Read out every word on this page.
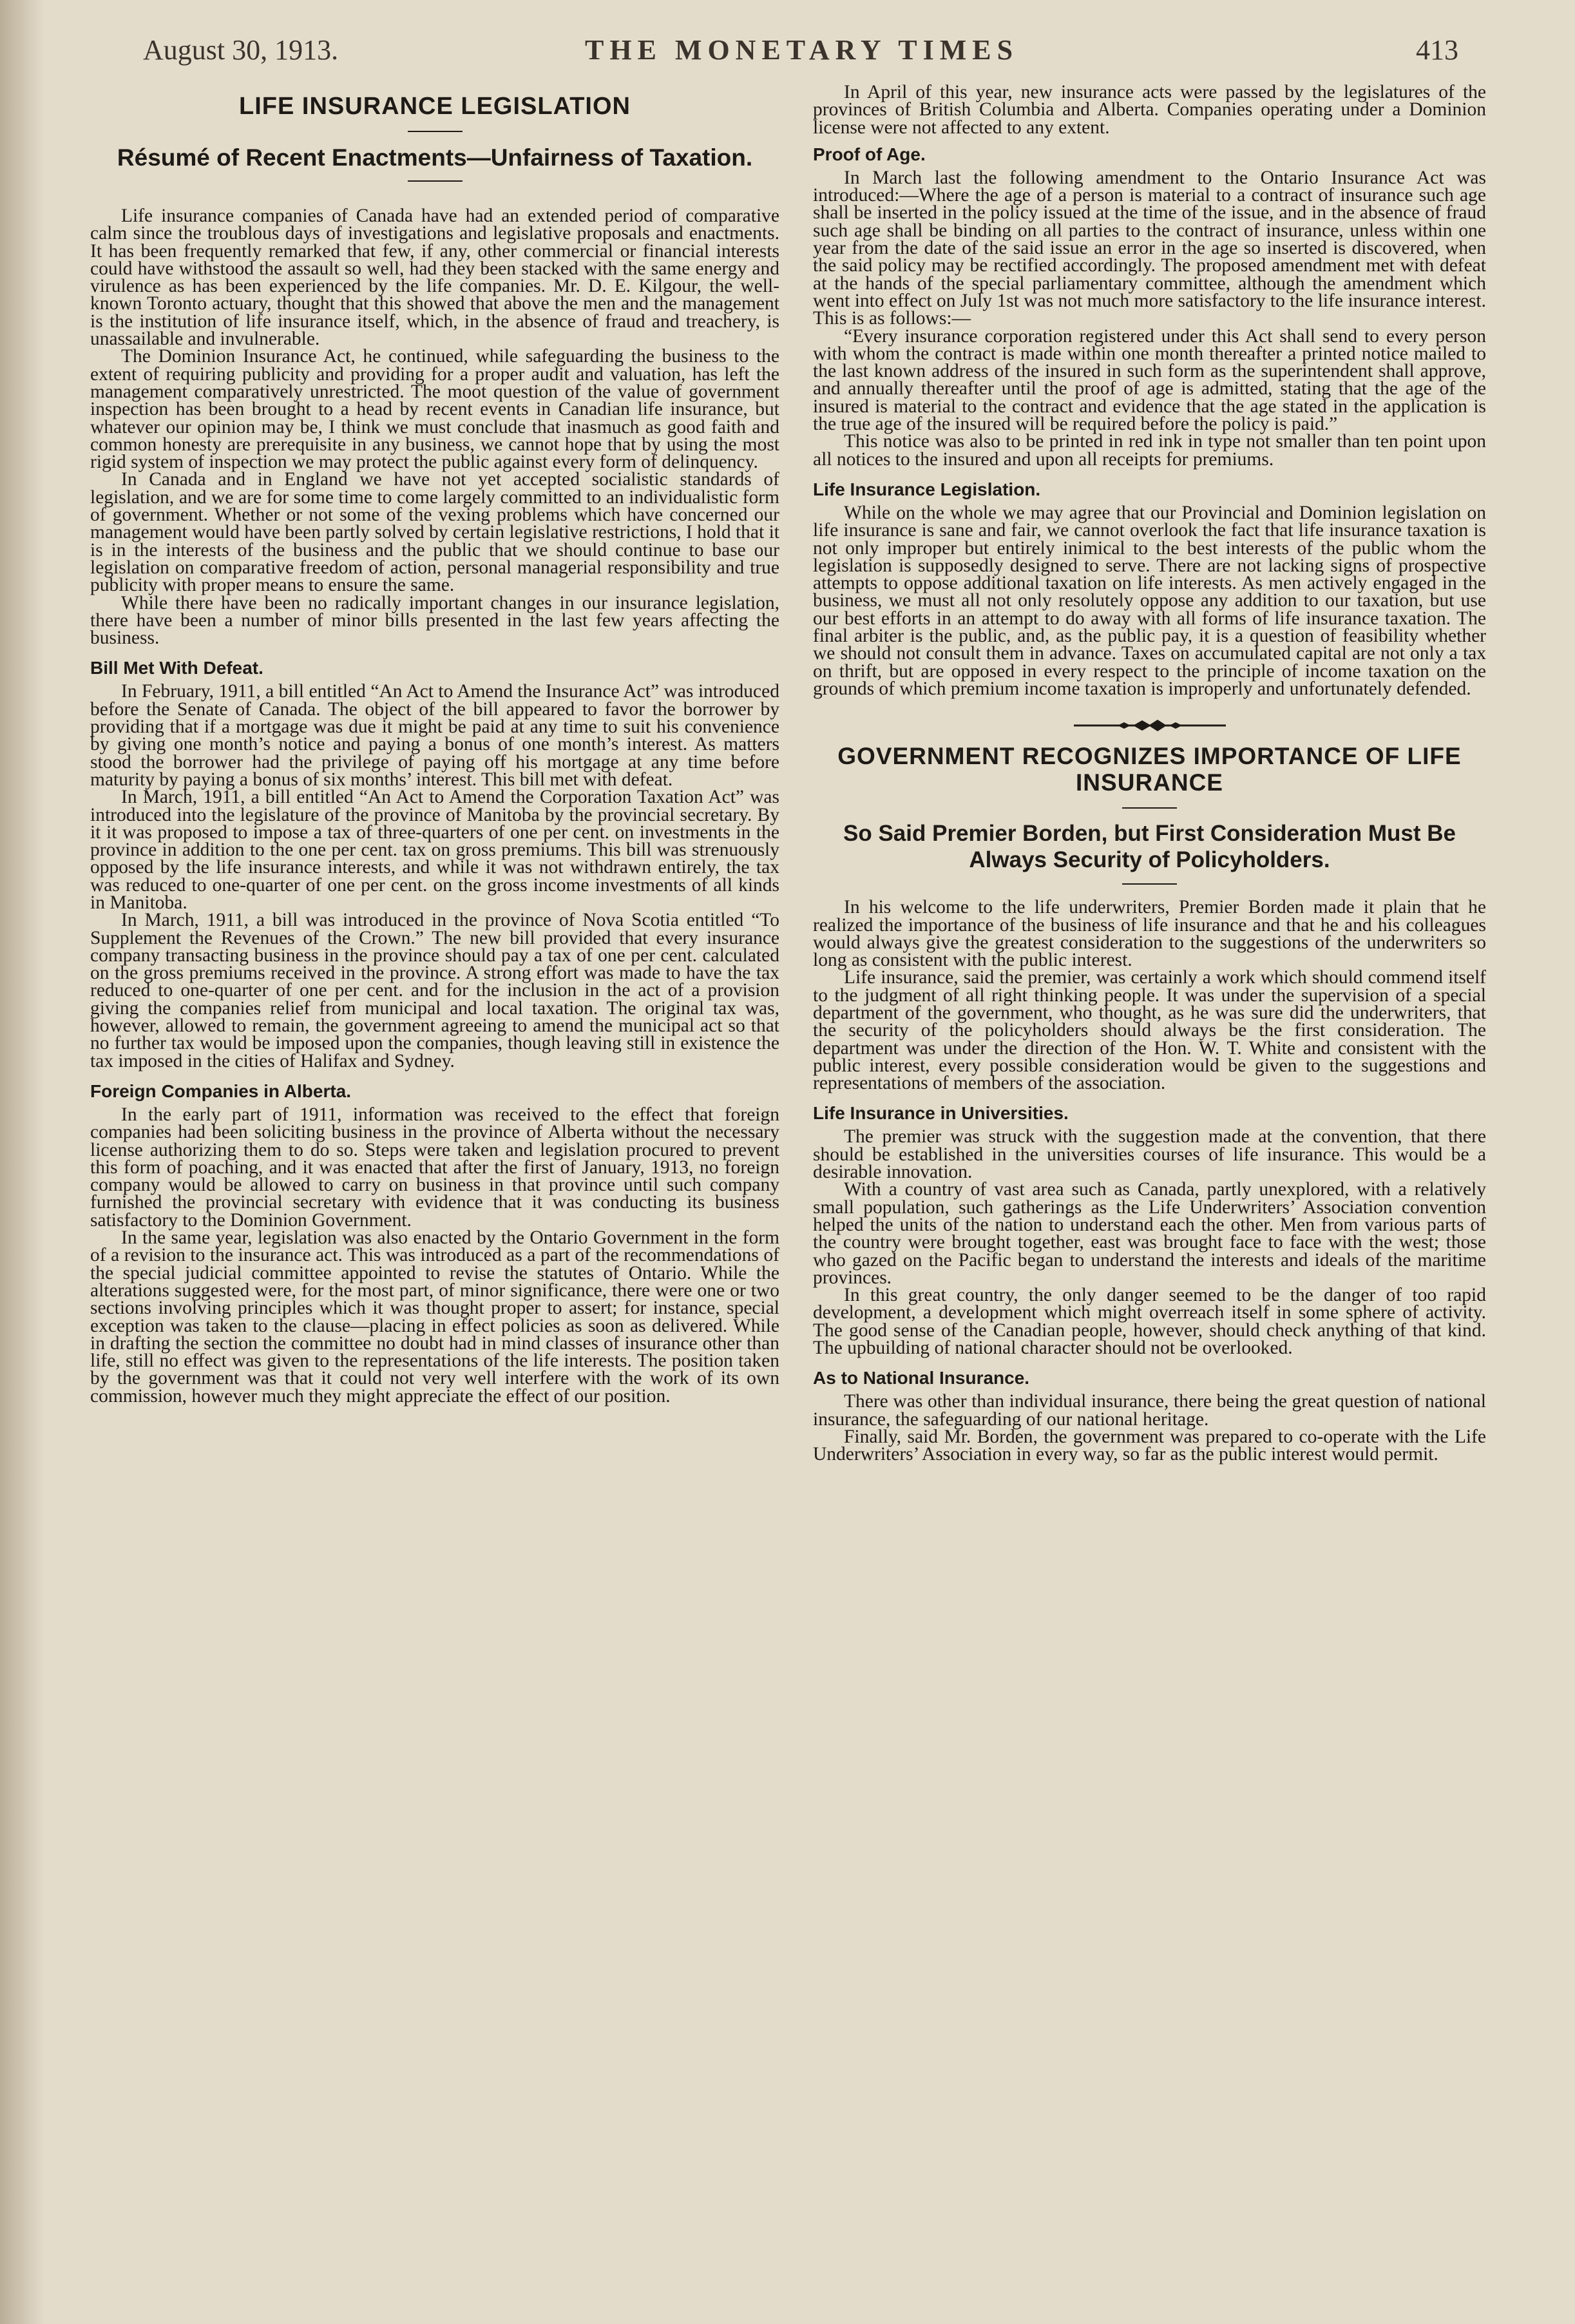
August 30, 1913.	THE MONETARY TIMES	413
LIFE INSURANCE LEGISLATION
Résumé of Recent Enactments—Unfairness of Taxation.

Life insurance companies of Canada have had an extended period of comparative calm since the troublous days of investigations and legislative proposals and enactments. It has been frequently remarked that few, if any, other commercial or financial interests could have withstood the assault so well, had they been stacked with the same energy and virulence as has been experienced by the life companies. Mr. D. E. Kilgour, the well-known Toronto actuary, thought that this showed that above the men and the management is the institution of life insurance itself, which, in the absence of fraud and treachery, is unassailable and invulnerable.

The Dominion Insurance Act, he continued, while safeguarding the business to the extent of requiring publicity and providing for a proper audit and valuation, has left the management comparatively unrestricted. The moot question of the value of government inspection has been brought to a head by recent events in Canadian life insurance, but whatever our opinion may be, I think we must conclude that inasmuch as good faith and common honesty are prerequisite in any business, we cannot hope that by using the most rigid system of inspection we may protect the public against every form of delinquency.

In Canada and in England we have not yet accepted socialistic standards of legislation, and we are for some time to come largely committed to an individualistic form of government. Whether or not some of the vexing problems which have concerned our management would have been partly solved by certain legislative restrictions, I hold that it is in the interests of the business and the public that we should continue to base our legislation on comparative freedom of action, personal managerial responsibility and true publicity with proper means to ensure the same.

While there have been no radically important changes in our insurance legislation, there have been a number of minor bills presented in the last few years affecting the business.

Bill Met With Defeat.

In February, 1911, a bill entitled “An Act to Amend the Insurance Act” was introduced before the Senate of Canada. The object of the bill appeared to favor the borrower by providing that if a mortgage was due it might be paid at any time to suit his convenience by giving one month’s notice and paying a bonus of one month’s interest. As matters stood the borrower had the privilege of paying off his mortgage at any time before maturity by paying a bonus of six months’ interest. This bill met with defeat.

In March, 1911, a bill entitled “An Act to Amend the Corporation Taxation Act” was introduced into the legislature of the province of Manitoba by the provincial secretary. By it it was proposed to impose a tax of three-quarters of one per cent. on investments in the province in addition to the one per cent. tax on gross premiums. This bill was strenuously opposed by the life insurance interests, and while it was not withdrawn entirely, the tax was reduced to one-quarter of one per cent. on the gross income investments of all kinds in Manitoba.

In March, 1911, a bill was introduced in the province of Nova Scotia entitled “To Supplement the Revenues of the Crown.” The new bill provided that every insurance company transacting business in the province should pay a tax of one per cent. calculated on the gross premiums received in the province. A strong effort was made to have the tax reduced to one-quarter of one per cent. and for the inclusion in the act of a provision giving the companies relief from municipal and local taxation. The original tax was, however, allowed to remain, the government agreeing to amend the municipal act so that no further tax would be imposed upon the companies, though leaving still in existence the tax imposed in the cities of Halifax and Sydney.

Foreign Companies in Alberta.

In the early part of 1911, information was received to the effect that foreign companies had been soliciting business in the province of Alberta without the necessary license authorizing them to do so. Steps were taken and legislation procured to prevent this form of poaching, and it was enacted that after the first of January, 1913, no foreign company would be allowed to carry on business in that province until such company furnished the provincial secretary with evidence that it was conducting its business satisfactory to the Dominion Government.

In the same year, legislation was also enacted by the Ontario Government in the form of a revision to the insurance act. This was introduced as a part of the recommendations of the special judicial committee appointed to revise the statutes of Ontario. While the alterations suggested were, for the most part, of minor significance, there were one or two sections involving principles which it was thought proper to assert; for instance, special exception was taken to the clause—placing in effect policies as soon as delivered. While in drafting the section the committee no doubt had in mind classes of insurance other than life, still no effect was given to the representations of the life interests. The position taken by the government was that it could not very well interfere with the work of its own commission, however much they might appreciate the effect of our position.

In April of this year, new insurance acts were passed by the legislatures of the provinces of British Columbia and Alberta. Companies operating under a Dominion license were not affected to any extent.

Proof of Age.

In March last the following amendment to the Ontario Insurance Act was introduced:—Where the age of a person is material to a contract of insurance such age shall be inserted in the policy issued at the time of the issue, and in the absence of fraud such age shall be binding on all parties to the contract of insurance, unless within one year from the date of the said issue an error in the age so inserted is discovered, when the said policy may be rectified accordingly. The proposed amendment met with defeat at the hands of the special parliamentary committee, although the amendment which went into effect on July 1st was not much more satisfactory to the life insurance interest. This is as follows:—

“Every insurance corporation registered under this Act shall send to every person with whom the contract is made within one month thereafter a printed notice mailed to the last known address of the insured in such form as the superintendent shall approve, and annually thereafter until the proof of age is admitted, stating that the age of the insured is material to the contract and evidence that the age stated in the application is the true age of the insured will be required before the policy is paid.”

This notice was also to be printed in red ink in type not smaller than ten point upon all notices to the insured and upon all receipts for premiums.

Life Insurance Legislation.

While on the whole we may agree that our Provincial and Dominion legislation on life insurance is sane and fair, we cannot overlook the fact that life insurance taxation is not only improper but entirely inimical to the best interests of the public whom the legislation is supposedly designed to serve. There are not lacking signs of prospective attempts to oppose additional taxation on life interests. As men actively engaged in the business, we must all not only resolutely oppose any addition to our taxation, but use our best efforts in an attempt to do away with all forms of life insurance taxation. The final arbiter is the public, and, as the public pay, it is a question of feasibility whether we should not consult them in advance. Taxes on accumulated capital are not only a tax on thrift, but are opposed in every respect to the principle of income taxation on the grounds of which premium income taxation is improperly and unfortunately defended.

GOVERNMENT RECOGNIZES IMPORTANCE OF LIFE INSURANCE
So Said Premier Borden, but First Consideration Must Be Always Security of Policyholders.

In his welcome to the life underwriters, Premier Borden made it plain that he realized the importance of the business of life insurance and that he and his colleagues would always give the greatest consideration to the suggestions of the underwriters so long as consistent with the public interest.

Life insurance, said the premier, was certainly a work which should commend itself to the judgment of all right thinking people. It was under the supervision of a special department of the government, who thought, as he was sure did the underwriters, that the security of the policyholders should always be the first consideration. The department was under the direction of the Hon. W. T. White and consistent with the public interest, every possible consideration would be given to the suggestions and representations of members of the association.

Life Insurance in Universities.

The premier was struck with the suggestion made at the convention, that there should be established in the universities courses of life insurance. This would be a desirable innovation.

With a country of vast area such as Canada, partly unexplored, with a relatively small population, such gatherings as the Life Underwriters’ Association convention helped the units of the nation to understand each the other. Men from various parts of the country were brought together, east was brought face to face with the west; those who gazed on the Pacific began to understand the interests and ideals of the maritime provinces.

In this great country, the only danger seemed to be the danger of too rapid development, a development which might overreach itself in some sphere of activity. The good sense of the Canadian people, however, should check anything of that kind. The upbuilding of national character should not be overlooked.

As to National Insurance.

There was other than individual insurance, there being the great question of national insurance, the safeguarding of our national heritage.

Finally, said Mr. Borden, the government was prepared to co-operate with the Life Underwriters’ Association in every way, so far as the public interest would permit.
